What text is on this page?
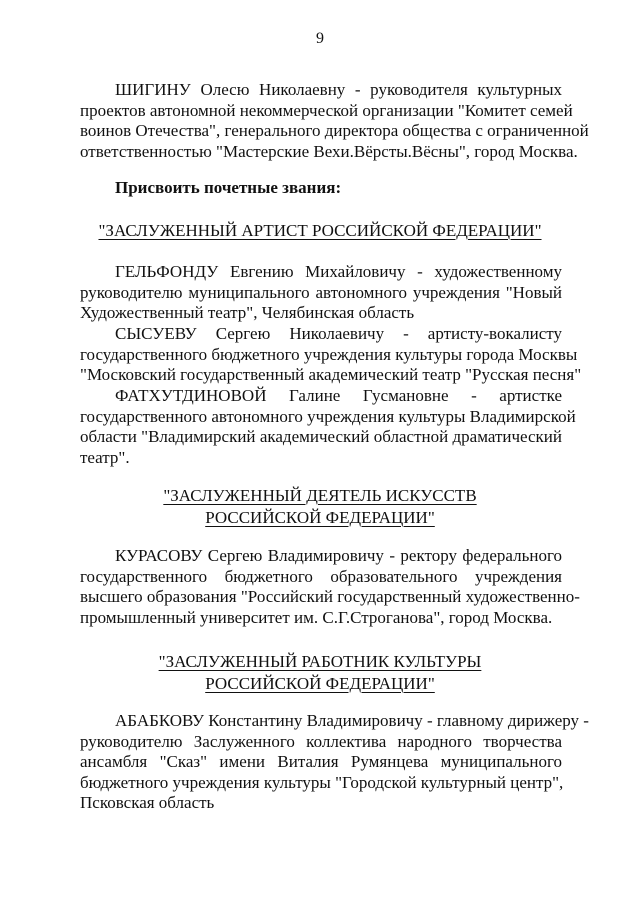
9
ШИГИНУ Олесю Николаевну - руководителя культурных
проектов автономной некоммерческой организации "Комитет семей
воинов Отечества", генерального директора общества с ограниченной
ответственностью "Мастерские Вехи.Вёрсты.Вёсны", город Москва.
Присвоить почетные звания:
"ЗАСЛУЖЕННЫЙ АРТИСТ РОССИЙСКОЙ ФЕДЕРАЦИИ"
ГЕЛЬФОНДУ Евгению Михайловичу - художественному
руководителю муниципального автономного учреждения "Новый
Художественный театр", Челябинская область
СЫСУЕВУ Сергею Николаевичу - артисту-вокалисту
государственного бюджетного учреждения культуры города Москвы
"Московский государственный академический театр "Русская песня"
ФАТХУТДИНОВОЙ Галине Гусмановне - артистке
государственного автономного учреждения культуры Владимирской
области "Владимирский академический областной драматический
театр".
"ЗАСЛУЖЕННЫЙ ДЕЯТЕЛЬ ИСКУССТВ
РОССИЙСКОЙ ФЕДЕРАЦИИ"
КУРАСОВУ Сергею Владимировичу - ректору федерального
государственного бюджетного образовательного учреждения
высшего образования "Российский государственный художественно-
промышленный университет им. С.Г.Строганова", город Москва.
"ЗАСЛУЖЕННЫЙ РАБОТНИК КУЛЬТУРЫ
РОССИЙСКОЙ ФЕДЕРАЦИИ"
АБАБКОВУ Константину Владимировичу - главному дирижеру -
руководителю Заслуженного коллектива народного творчества
ансамбля "Сказ" имени Виталия Румянцева муниципального
бюджетного учреждения культуры "Городской культурный центр",
Псковская область
